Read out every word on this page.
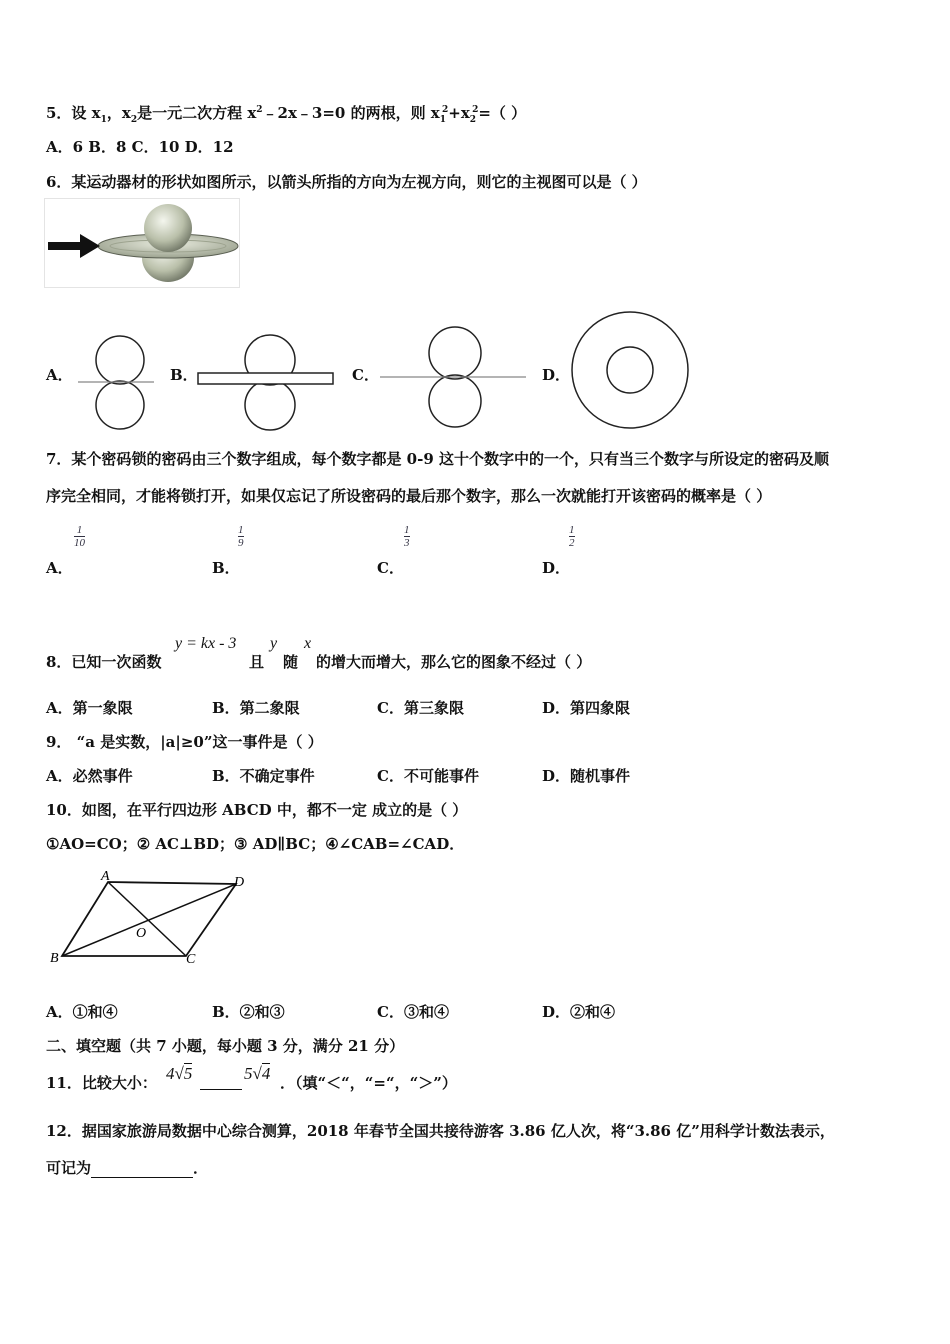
5．设 $x_1$，$x_2$是一元二次方程 $x^2﹣2x﹣3=0$ 的两根，则 $x_1^2+x_2^2=$（ ）
A．6 B．8 C．10 D．12
6．某运动器材的形状如图所示，以箭头所指的方向为左视方向，则它的主视图可以是（ ）
A．	B．	C．	D．
7．某个密码锁的密码由三个数字组成，每个数字都是 0-9 这十个数字中的一个，只有当三个数字与所设定的密码及顺
序完全相同，才能将锁打开，如果仅忘记了所设密码的最后那个数字，那么一次就能打开该密码的概率是（ ）
A．
$\frac{1}{10}$
B．
$\frac{1}{9}$
C．
$\frac{1}{3}$
D．
$\frac{1}{2}$
8．已知一次函数
y = kx - 3
且
y
随
x
的增大而增大，那么它的图象不经过（ ）
A．第一象限	B．第二象限	C．第三象限	D．第四象限
9． “a 是实数，|a|≥0”这一事件是（ ）
A．必然事件	B．不确定事件	C．不可能事件	D．随机事件
10．如图，在平行四边形 ABCD 中，都不一定 成立的是（ ）
①AO=CO；② AC⊥BD；③ AD∥BC；④∠CAB=∠CAD．
A	D
O
B	C
A．①和④	B．②和③	C．③和④	D．②和④
二、填空题（共 7 小题，每小题 3 分，满分 21 分）
11．比较大小： 4√5	5√4 ．（填“＜“，“=“，“＞”）
12．据国家旅游局数据中心综合测算，2018 年春节全国共接待游客 3.86 亿人次，将“3.86 亿”用科学计数法表示，
可记为	．
